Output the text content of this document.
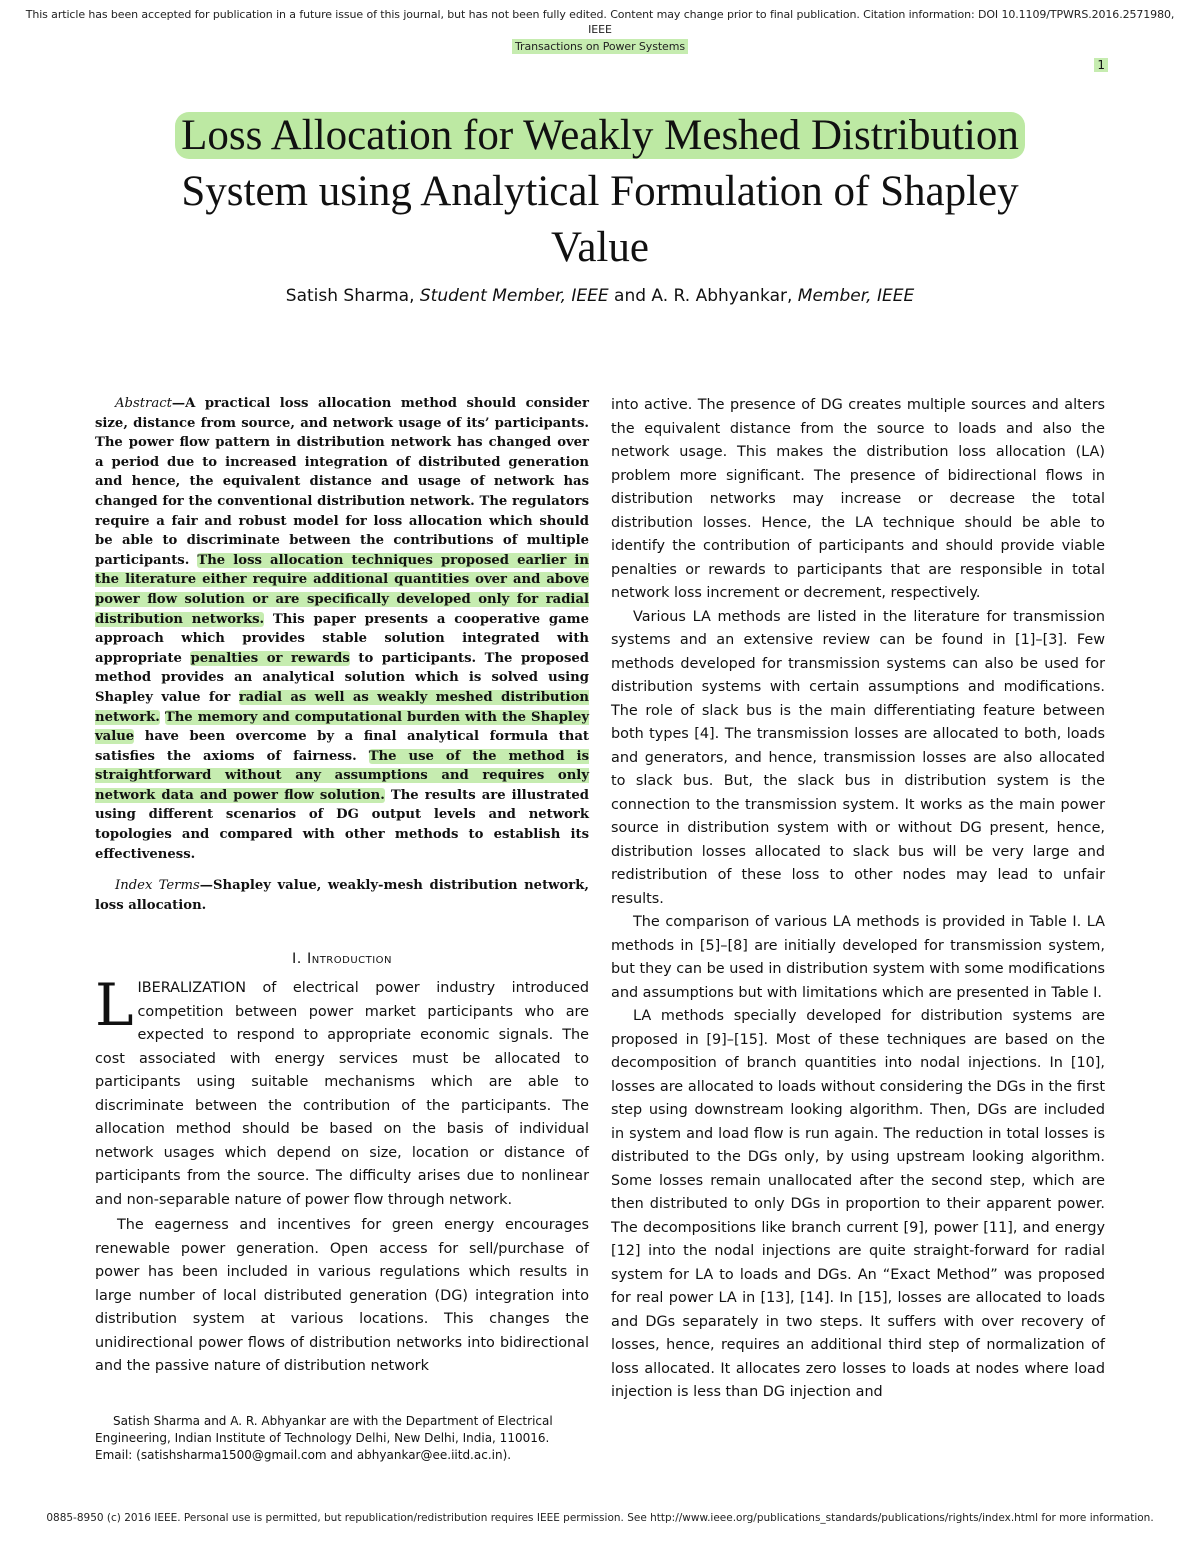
This article has been accepted for publication in a future issue of this journal, but has not been fully edited. Content may change prior to final publication. Citation information: DOI 10.1109/TPWRS.2016.2571980, IEEE
Transactions on Power Systems
1
Loss Allocation for Weakly Meshed Distribution
System using Analytical Formulation of Shapley
Value
Satish Sharma, Student Member, IEEE and A. R. Abhyankar, Member, IEEE

Abstract—A practical loss allocation method should consider size, distance from source, and network usage of its’ participants. The power flow pattern in distribution network has changed over a period due to increased integration of distributed generation and hence, the equivalent distance and usage of network has changed for the conventional distribution network. The regulators require a fair and robust model for loss allocation which should be able to discriminate between the contributions of multiple participants. The loss allocation techniques proposed earlier in the literature either require additional quantities over and above power flow solution or are specifically developed only for radial distribution networks. This paper presents a cooperative game approach which provides stable solution integrated with appropriate penalties or rewards to participants. The proposed method provides an analytical solution which is solved using Shapley value for radial as well as weakly meshed distribution network. The memory and computational burden with the Shapley value have been overcome by a final analytical formula that satisfies the axioms of fairness. The use of the method is straightforward without any assumptions and requires only network data and power flow solution. The results are illustrated using different scenarios of DG output levels and network topologies and compared with other methods to establish its effectiveness.

Index Terms—Shapley value, weakly-mesh distribution network, loss allocation.

I. Introduction

LIBERALIZATION of electrical power industry introduced competition between power market participants who are expected to respond to appropriate economic signals. The cost associated with energy services must be allocated to participants using suitable mechanisms which are able to discriminate between the contribution of the participants. The allocation method should be based on the basis of individual network usages which depend on size, location or distance of participants from the source. The difficulty arises due to nonlinear and non-separable nature of power flow through network.

The eagerness and incentives for green energy encourages renewable power generation. Open access for sell/purchase of power has been included in various regulations which results in large number of local distributed generation (DG) integration into distribution system at various locations. This changes the unidirectional power flows of distribution networks into bidirectional and the passive nature of distribution network

into active. The presence of DG creates multiple sources and alters the equivalent distance from the source to loads and also the network usage. This makes the distribution loss allocation (LA) problem more significant. The presence of bidirectional flows in distribution networks may increase or decrease the total distribution losses. Hence, the LA technique should be able to identify the contribution of participants and should provide viable penalties or rewards to participants that are responsible in total network loss increment or decrement, respectively.

Various LA methods are listed in the literature for transmission systems and an extensive review can be found in [1]–[3]. Few methods developed for transmission systems can also be used for distribution systems with certain assumptions and modifications. The role of slack bus is the main differentiating feature between both types [4]. The transmission losses are allocated to both, loads and generators, and hence, transmission losses are also allocated to slack bus. But, the slack bus in distribution system is the connection to the transmission system. It works as the main power source in distribution system with or without DG present, hence, distribution losses allocated to slack bus will be very large and redistribution of these loss to other nodes may lead to unfair results.

The comparison of various LA methods is provided in Table I. LA methods in [5]–[8] are initially developed for transmission system, but they can be used in distribution system with some modifications and assumptions but with limitations which are presented in Table I.

LA methods specially developed for distribution systems are proposed in [9]–[15]. Most of these techniques are based on the decomposition of branch quantities into nodal injections. In [10], losses are allocated to loads without considering the DGs in the first step using downstream looking algorithm. Then, DGs are included in system and load flow is run again. The reduction in total losses is distributed to the DGs only, by using upstream looking algorithm. Some losses remain unallocated after the second step, which are then distributed to only DGs in proportion to their apparent power. The decompositions like branch current [9], power [11], and energy [12] into the nodal injections are quite straight-forward for radial system for LA to loads and DGs. An “Exact Method” was proposed for real power LA in [13], [14]. In [15], losses are allocated to loads and DGs separately in two steps. It suffers with over recovery of losses, hence, requires an additional third step of normalization of loss allocated. It allocates zero losses to loads at nodes where load injection is less than DG injection and

Satish Sharma and A. R. Abhyankar are with the Department of Electrical Engineering, Indian Institute of Technology Delhi, New Delhi, India, 110016. Email: (satishsharma1500@gmail.com and abhyankar@ee.iitd.ac.in).
0885-8950 (c) 2016 IEEE. Personal use is permitted, but republication/redistribution requires IEEE permission. See http://www.ieee.org/publications_standards/publications/rights/index.html for more information.
